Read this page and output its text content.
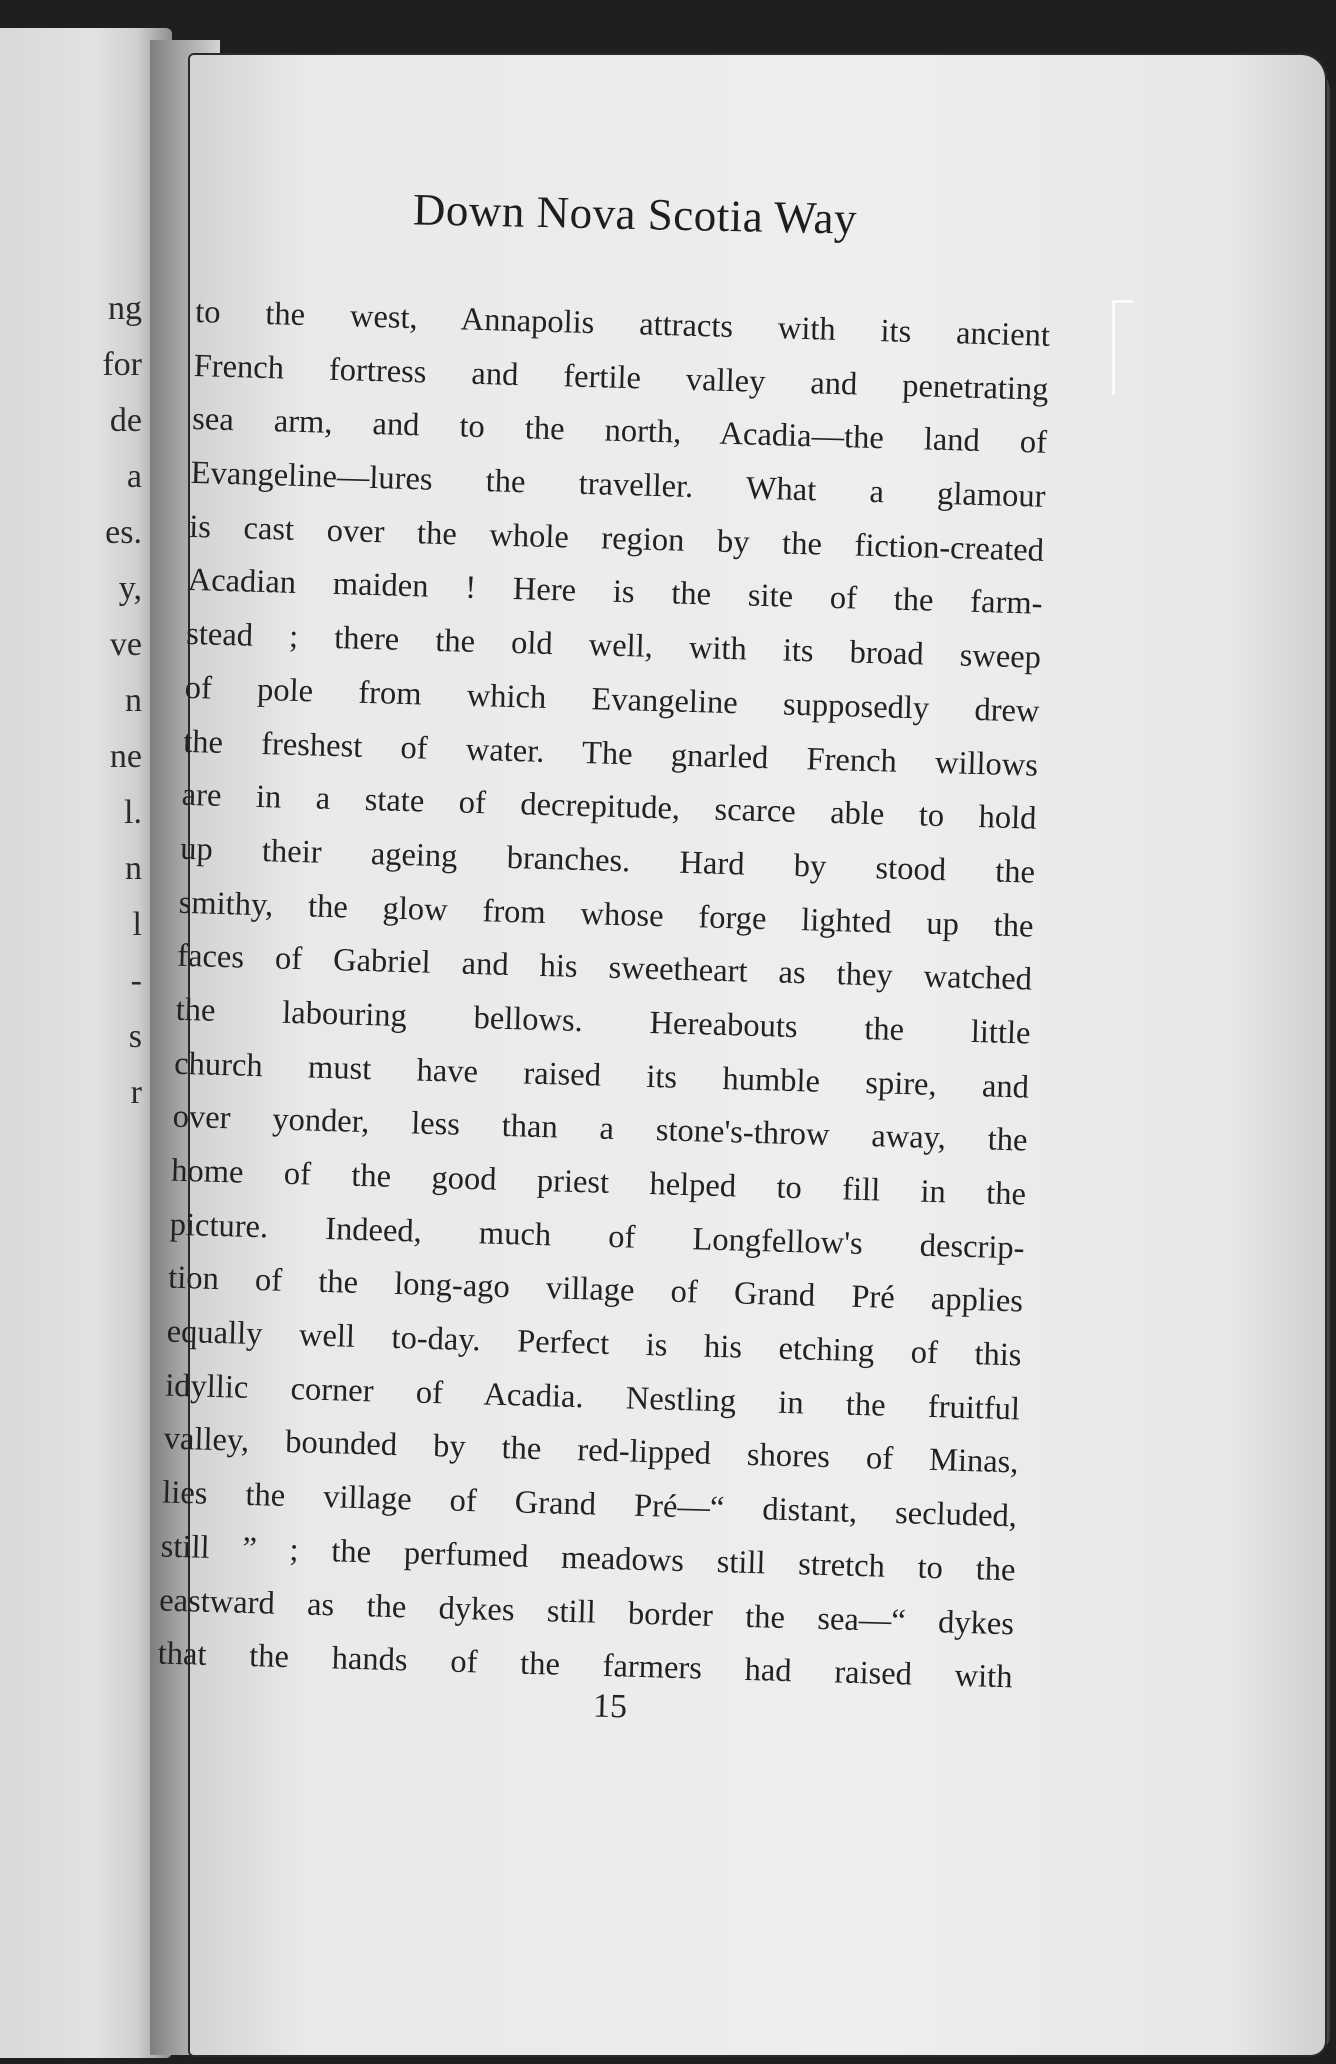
ng
for
de
a
es.
y,
ve
n
ne
l.
n
l
-
s
r
Down Nova Scotia Way
to the west, Annapolis attracts with its ancient
French fortress and fertile valley and penetrating
sea arm, and to the north, Acadia—the land of
Evangeline—lures the traveller. What a glamour
is cast over the whole region by the fiction-created
Acadian maiden ! Here is the site of the farm-
stead ; there the old well, with its broad sweep
of pole from which Evangeline supposedly drew
the freshest of water. The gnarled French willows
are in a state of decrepitude, scarce able to hold
up their ageing branches. Hard by stood the
smithy, the glow from whose forge lighted up the
faces of Gabriel and his sweetheart as they watched
the labouring bellows. Hereabouts the little
church must have raised its humble spire, and
over yonder, less than a stone's-throw away, the
home of the good priest helped to fill in the
picture. Indeed, much of Longfellow's descrip-
tion of the long-ago village of Grand Pré applies
equally well to-day. Perfect is his etching of this
idyllic corner of Acadia. Nestling in the fruitful
valley, bounded by the red-lipped shores of Minas,
lies the village of Grand Pré—“ distant, secluded,
still ” ; the perfumed meadows still stretch to the
eastward as the dykes still border the sea—“ dykes
that the hands of the farmers had raised with
15
